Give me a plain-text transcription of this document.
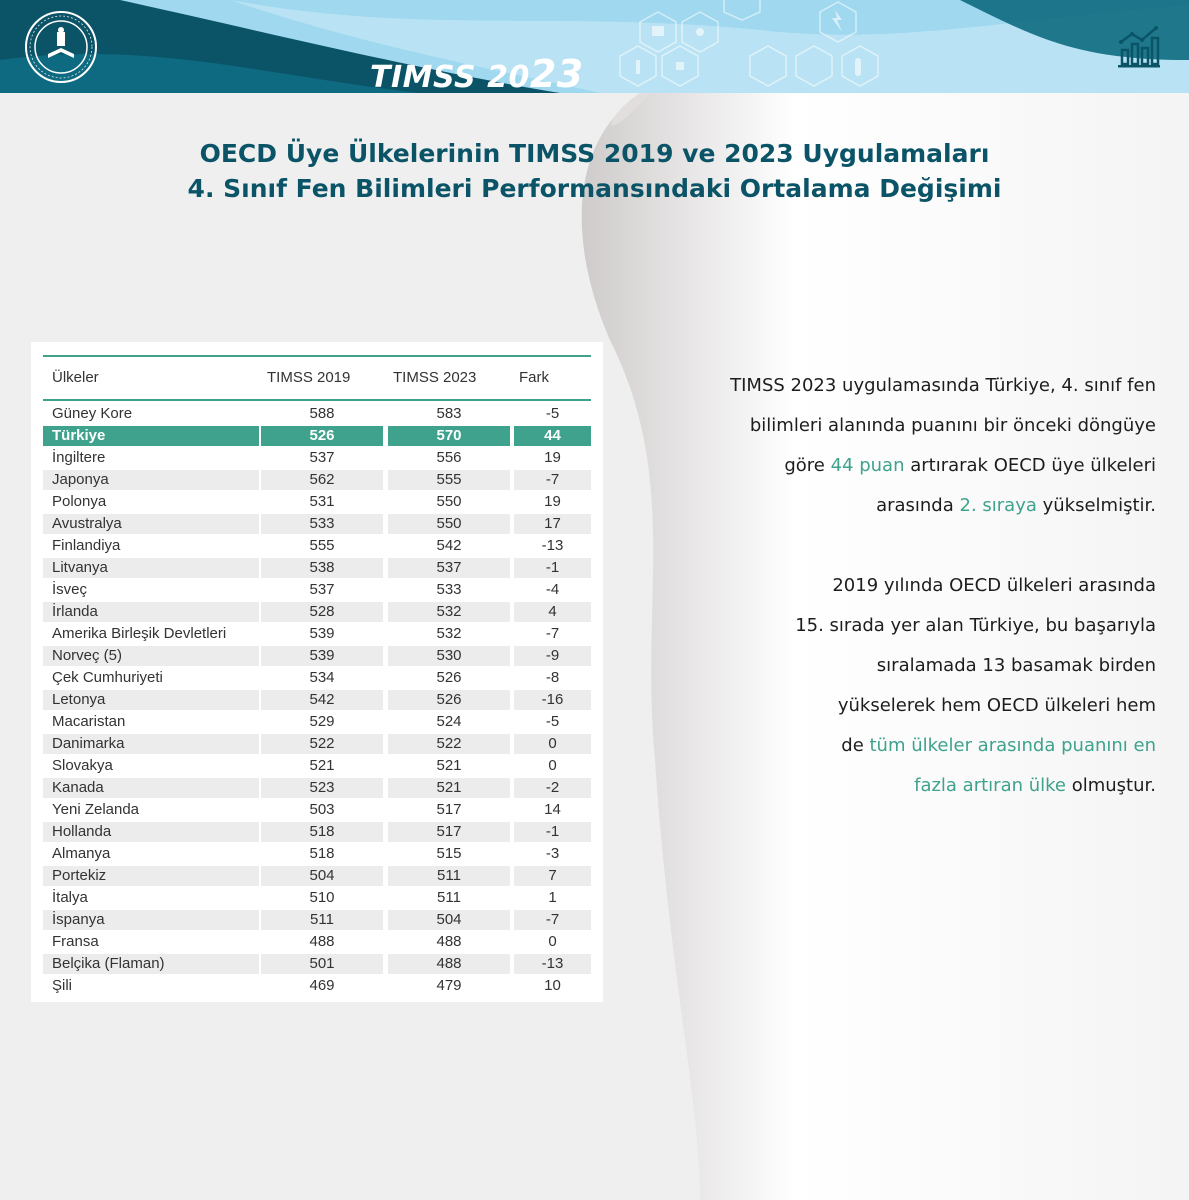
TIMSS 2023
OECD Üye Ülkelerinin TIMSS 2019 ve 2023 Uygulamaları
4. Sınıf Fen Bilimleri Performansındaki Ortalama Değişimi
Ülkeler	TIMSS 2019	TIMSS 2023	Fark
Güney Kore	588	583	-5
Türkiye	526	570	44
İngiltere	537	556	19
Japonya	562	555	-7
Polonya	531	550	19
Avustralya	533	550	17
Finlandiya	555	542	-13
Litvanya	538	537	-1
İsveç	537	533	-4
İrlanda	528	532	4
Amerika Birleşik Devletleri	539	532	-7
Norveç (5)	539	530	-9
Çek Cumhuriyeti	534	526	-8
Letonya	542	526	-16
Macaristan	529	524	-5
Danimarka	522	522	0
Slovakya	521	521	0
Kanada	523	521	-2
Yeni Zelanda	503	517	14
Hollanda	518	517	-1
Almanya	518	515	-3
Portekiz	504	511	7
İtalya	510	511	1
İspanya	511	504	-7
Fransa	488	488	0
Belçika (Flaman)	501	488	-13
Şili	469	479	10
TIMSS 2023 uygulamasında Türkiye, 4. sınıf fen
bilimleri alanında puanını bir önceki döngüye
göre 44 puan artırarak OECD üye ülkeleri
arasında 2. sıraya yükselmiştir.
2019 yılında OECD ülkeleri arasında
15. sırada yer alan Türkiye, bu başarıyla
sıralamada 13 basamak birden
yükselerek hem OECD ülkeleri hem
de tüm ülkeler arasında puanını en
fazla artıran ülke olmuştur.
